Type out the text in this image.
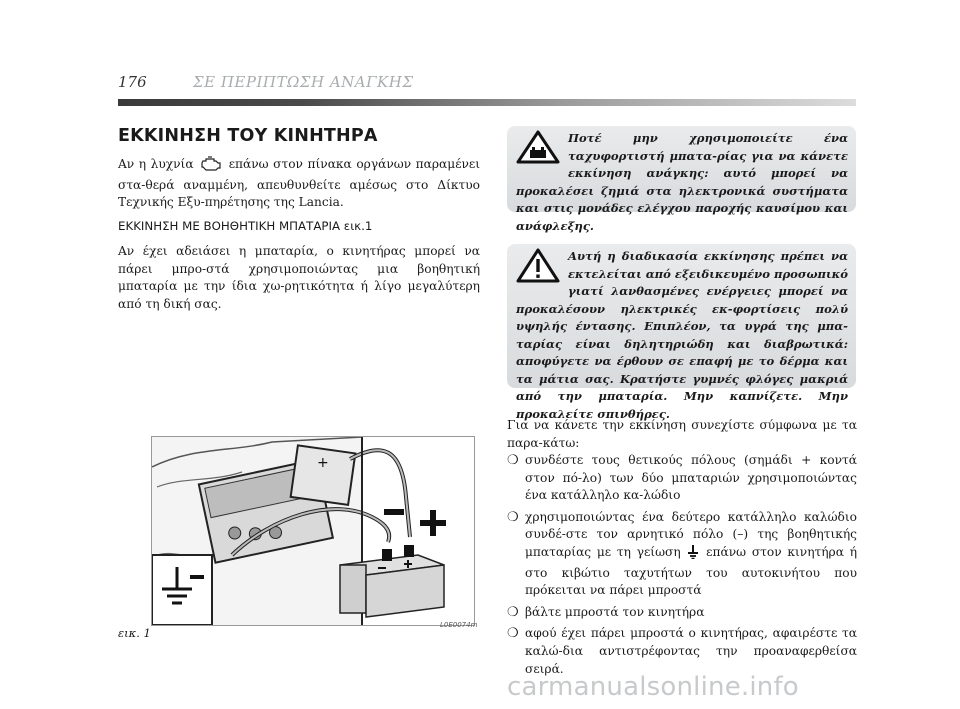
176	ΣΕ ΠΕΡΙΠΤΩΣΗ ΑΝΑΓΚΗΣ
ΕΚΚΙΝΗΣΗ ΤΟΥ ΚΙΝΗΤΗΡΑ
Αν η λυχνία	επάνω στον πίνακα οργάνων παραμένει στα-θερά αναμμένη, απευθυνθείτε αμέσως στο Δίκτυο Τεχνικής Εξυ-πηρέτησης της Lancia.
ΕΚΚΙΝΗΣΗ ΜΕ ΒΟΗΘΗΤΙΚΗ ΜΠΑΤΑΡΙΑ εικ.1
Αν έχει αδειάσει η μπαταρία, ο κινητήρας μπορεί να πάρει μπρο-στά χρησιμοποιώντας μια βοηθητική μπαταρία με την ίδια χω-ρητικότητα ή λίγο μεγαλύτερη από τη δική σας.
Ποτέ μην χρησιμοποιείτε ένα ταχυφορτιστή μπατα-ρίας για να κάνετε εκκίνηση ανάγκης: αυτό μπορεί να προκαλέσει ζημιά στα ηλεκτρονικά συστήματα και στις μονάδες ελέγχου παροχής καυσίμου και ανάφλεξης.
Αυτή η διαδικασία εκκίνησης πρέπει να εκτελείται από εξειδικευμένο προσωπικό γιατί λανθασμένες ενέργειες μπορεί να προκαλέσουν ηλεκτρικές εκ-φορτίσεις πολύ υψηλής έντασης. Επιπλέον, τα υγρά της μπα-ταρίας είναι δηλητηριώδη και διαβρωτικά: αποφύγετε να έρθουν σε επαφή με το δέρμα και τα μάτια σας. Κρατήστε γυμνές φλόγες μακριά από την μπαταρία. Μην καπνίζετε. Μην προκαλείτε σπινθήρες.
Για να κάνετε την εκκίνηση συνεχίστε σύμφωνα με τα παρα-κάτω:
❍ συνδέστε τους θετικούς πόλους (σημάδι + κοντά στον πό-λο) των δύο μπαταριών χρησιμοποιώντας ένα κατάλληλο κα-λώδιο
❍ χρησιμοποιώντας ένα δεύτερο κατάλληλο καλώδιο συνδέ-στε τον αρνητικό πόλο (–) της βοηθητικής μπαταρίας με τη γείωση επάνω στον κινητήρα ή στο κιβώτιο ταχυτήτων του αυτοκινήτου που πρόκειται να πάρει μπροστά
❍ βάλτε μπροστά τον κινητήρα
❍ αφού έχει πάρει μπροστά ο κινητήρας, αφαιρέστε τα καλώ-δια αντιστρέφοντας την προαναφερθείσα σειρά.
+
εικ. 1
L0E0074m
carmanualsonline.info
